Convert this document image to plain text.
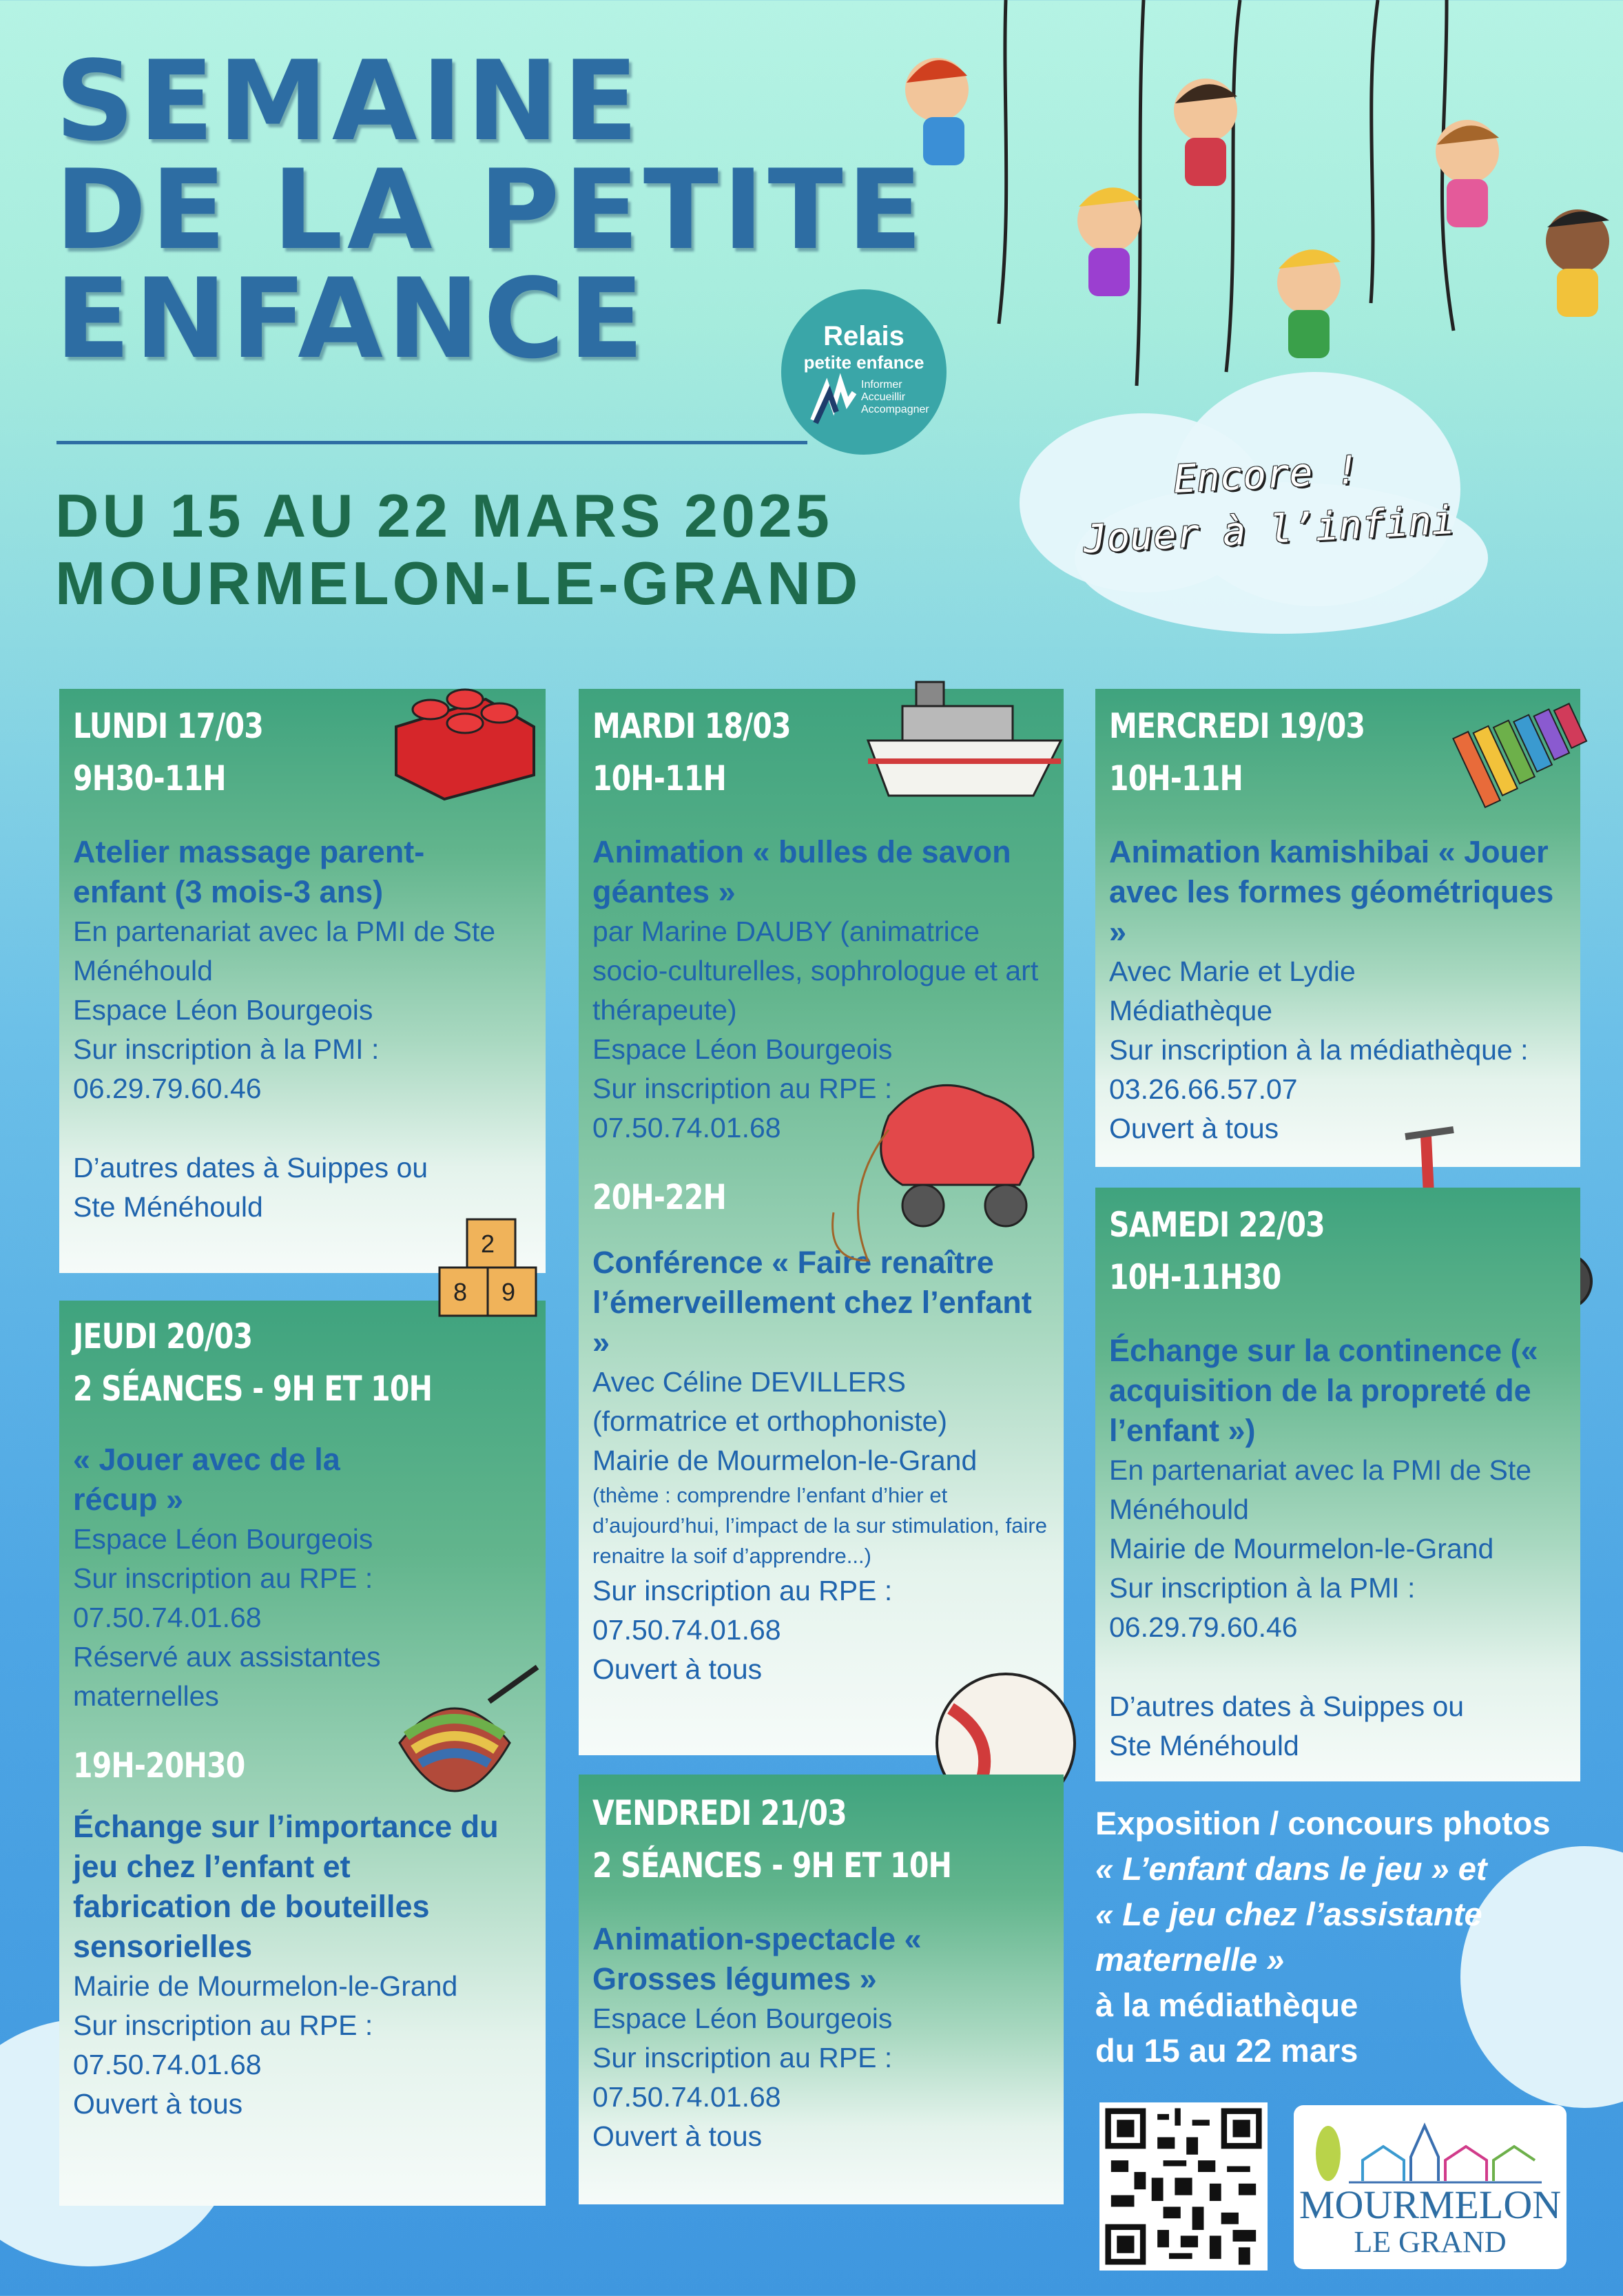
SEMAINE
DE LA PETITE
ENFANCE
DU 15 AU 22 MARS 2025
MOURMELON-LE-GRAND
Relais
petite enfance
Informer
Accueillir
Accompagner
Encore !
Jouer à l’infini
LUNDI 17/03
9H30-11H
Atelier massage parent-enfant (3 mois-3 ans)
En partenariat avec la PMI de Ste Ménéhould
Espace Léon Bourgeois
Sur inscription à la PMI :
06.29.79.60.46
D’autres dates à Suippes ou Ste Ménéhould
JEUDI 20/03
2 SÉANCES - 9H ET 10H
« Jouer avec de la récup »
Espace Léon Bourgeois
Sur inscription au RPE :
07.50.74.01.68
Réservé aux assistantes maternelles
19H-20H30
Échange sur l’importance du jeu chez l’enfant et fabrication de bouteilles sensorielles
Mairie de Mourmelon-le-Grand
Sur inscription au RPE :
07.50.74.01.68
Ouvert à tous
2
8 9
MARDI 18/03
10H-11H
Animation « bulles de savon géantes »
par Marine DAUBY (animatrice socio-culturelles, sophrologue et art thérapeute)
Espace Léon Bourgeois
Sur inscription au RPE :
07.50.74.01.68
20H-22H
Conférence « Faire renaître l’émerveillement chez l’enfant »
Avec Céline DEVILLERS (formatrice et orthophoniste)
Mairie de Mourmelon-le-Grand
(thème : comprendre l’enfant d’hier et d’aujourd’hui, l’impact de la sur stimulation, faire renaitre la soif d’apprendre...)
Sur inscription au RPE :
07.50.74.01.68
Ouvert à tous
VENDREDI 21/03
2 SÉANCES - 9H ET 10H
Animation-spectacle « Grosses légumes »
Espace Léon Bourgeois
Sur inscription au RPE :
07.50.74.01.68
Ouvert à tous
MERCREDI 19/03
10H-11H
Animation kamishibai « Jouer avec les formes géométriques »
Avec Marie et Lydie
Médiathèque
Sur inscription à la médiathèque :
03.26.66.57.07
Ouvert à tous
SAMEDI 22/03
10H-11H30
Échange sur la continence (« acquisition de la propreté de l’enfant »)
En partenariat avec la PMI de Ste Ménéhould
Mairie de Mourmelon-le-Grand
Sur inscription à la PMI :
06.29.79.60.46
D’autres dates à Suippes ou Ste Ménéhould
Exposition / concours photos
« L’enfant dans le jeu » et
« Le jeu chez l’assistante maternelle »
à la médiathèque
du 15 au 22 mars
MOURMELON
LE GRAND
